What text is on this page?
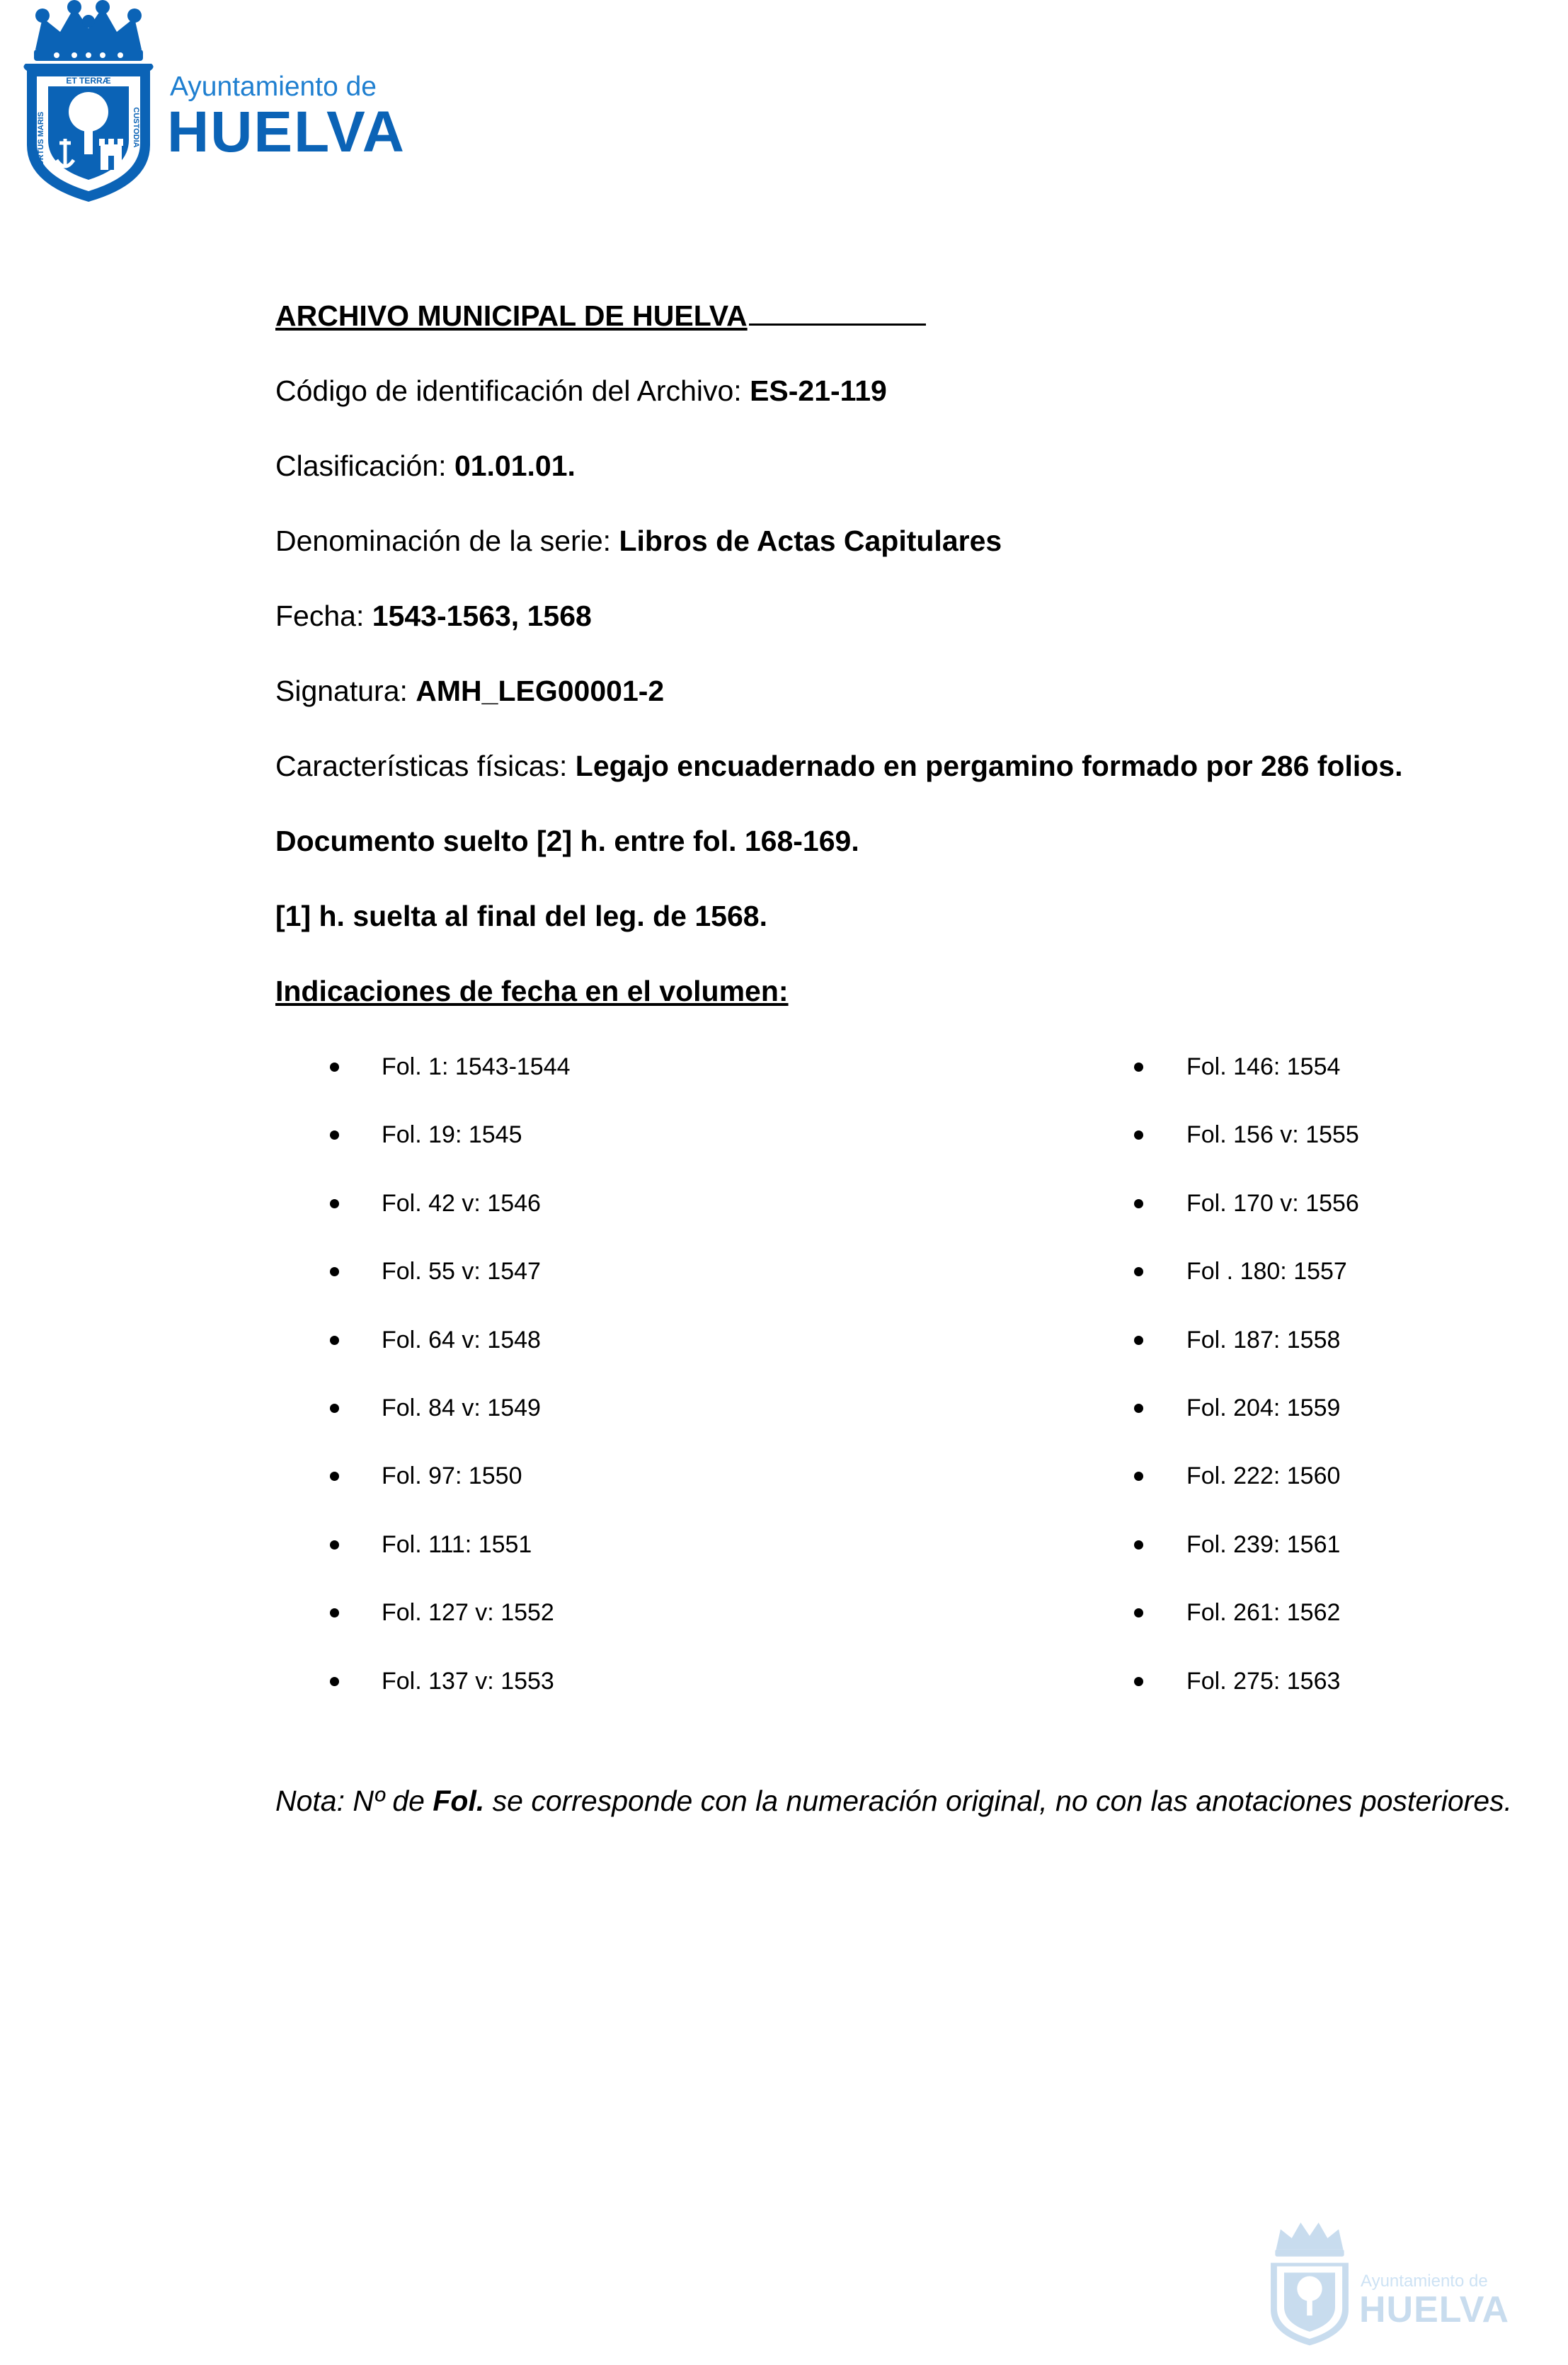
ET TERRÆ
PORTUS MARIS	CUSTODIA
Ayuntamiento de
HUELVA
ARCHIVO MUNICIPAL DE HUELVA
Código de identificación del Archivo: ES-21-119
Clasificación: 01.01.01.
Denominación de la serie: Libros de Actas Capitulares
Fecha: 1543-1563, 1568
Signatura: AMH_LEG00001-2
Características físicas: Legajo encuadernado en pergamino formado por 286 folios.
Documento suelto [2] h. entre fol. 168-169.
[1] h. suelta al final del leg. de 1568.
Indicaciones de fecha en el volumen:
Fol. 1: 1543-1544
Fol. 19: 1545
Fol. 42 v: 1546
Fol. 55 v: 1547
Fol. 64 v: 1548
Fol. 84 v: 1549
Fol. 97: 1550
Fol. 111: 1551
Fol. 127 v: 1552
Fol. 137 v: 1553
Fol. 146: 1554
Fol. 156 v: 1555
Fol. 170 v: 1556
Fol . 180: 1557
Fol. 187: 1558
Fol. 204: 1559
Fol. 222: 1560
Fol. 239: 1561
Fol. 261: 1562
Fol. 275: 1563
Nota: Nº de Fol. se corresponde con la numeración original, no con las anotaciones posteriores.
Ayuntamiento de
HUELVA
